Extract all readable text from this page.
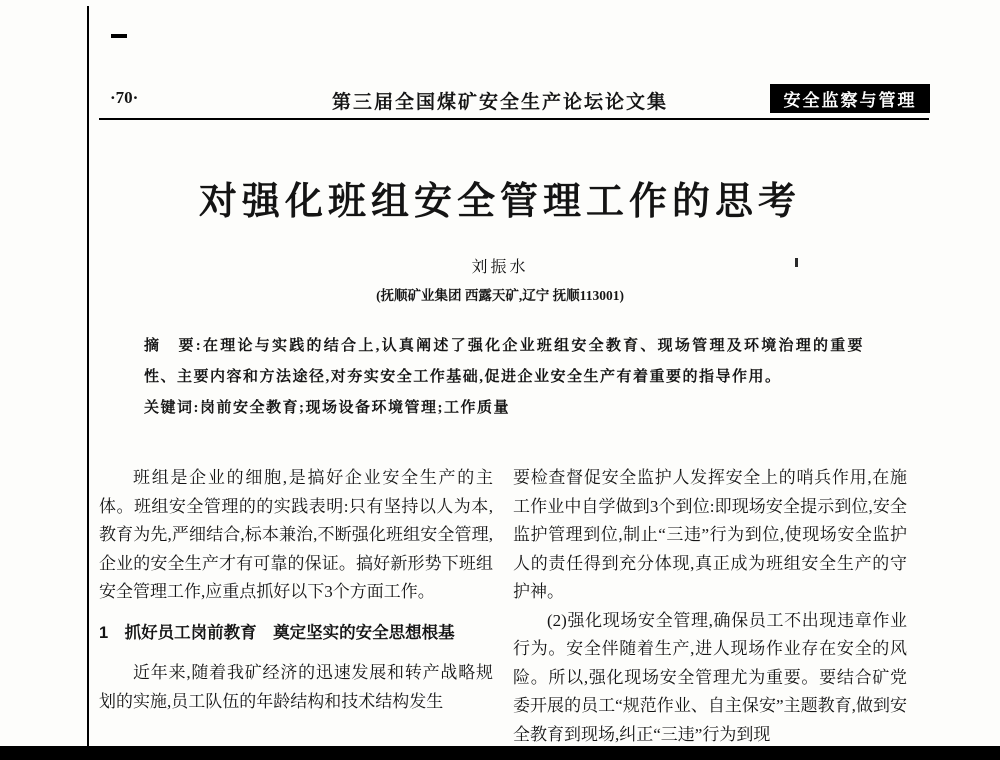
·70·	第三届全国煤矿安全生产论坛论文集	安全监察与管理
对强化班组安全管理工作的思考
刘振水
(抚顺矿业集团 西露天矿,辽宁 抚顺113001)

摘　要:在理论与实践的结合上,认真阐述了强化企业班组安全教育、现场管理及环境治理的重要性、主要内容和方法途径,对夯实安全工作基础,促进企业安全生产有着重要的指导作用。

关键词:岗前安全教育;现场设备环境管理;工作质量

班组是企业的细胞,是搞好企业安全生产的主体。班组安全管理的的实践表明:只有坚持以人为本,教育为先,严细结合,标本兼治,不断强化班组安全管理,企业的安全生产才有可靠的保证。搞好新形势下班组安全管理工作,应重点抓好以下3个方面工作。

1　抓好员工岗前教育　奠定坚实的安全思想根基

近年来,随着我矿经济的迅速发展和转产战略规划的实施,员工队伍的年龄结构和技术结构发生

要检查督促安全监护人发挥安全上的哨兵作用,在施工作业中自学做到3个到位:即现场安全提示到位,安全监护管理到位,制止“三违”行为到位,使现场安全监护人的责任得到充分体现,真正成为班组安全生产的守护神。

(2)强化现场安全管理,确保员工不出现违章作业行为。安全伴随着生产,进人现场作业存在安全的风险。所以,强化现场安全管理尤为重要。要结合矿党委开展的员工“规范作业、自主保安”主题教育,做到安全教育到现场,纠正“三违”行为到现
